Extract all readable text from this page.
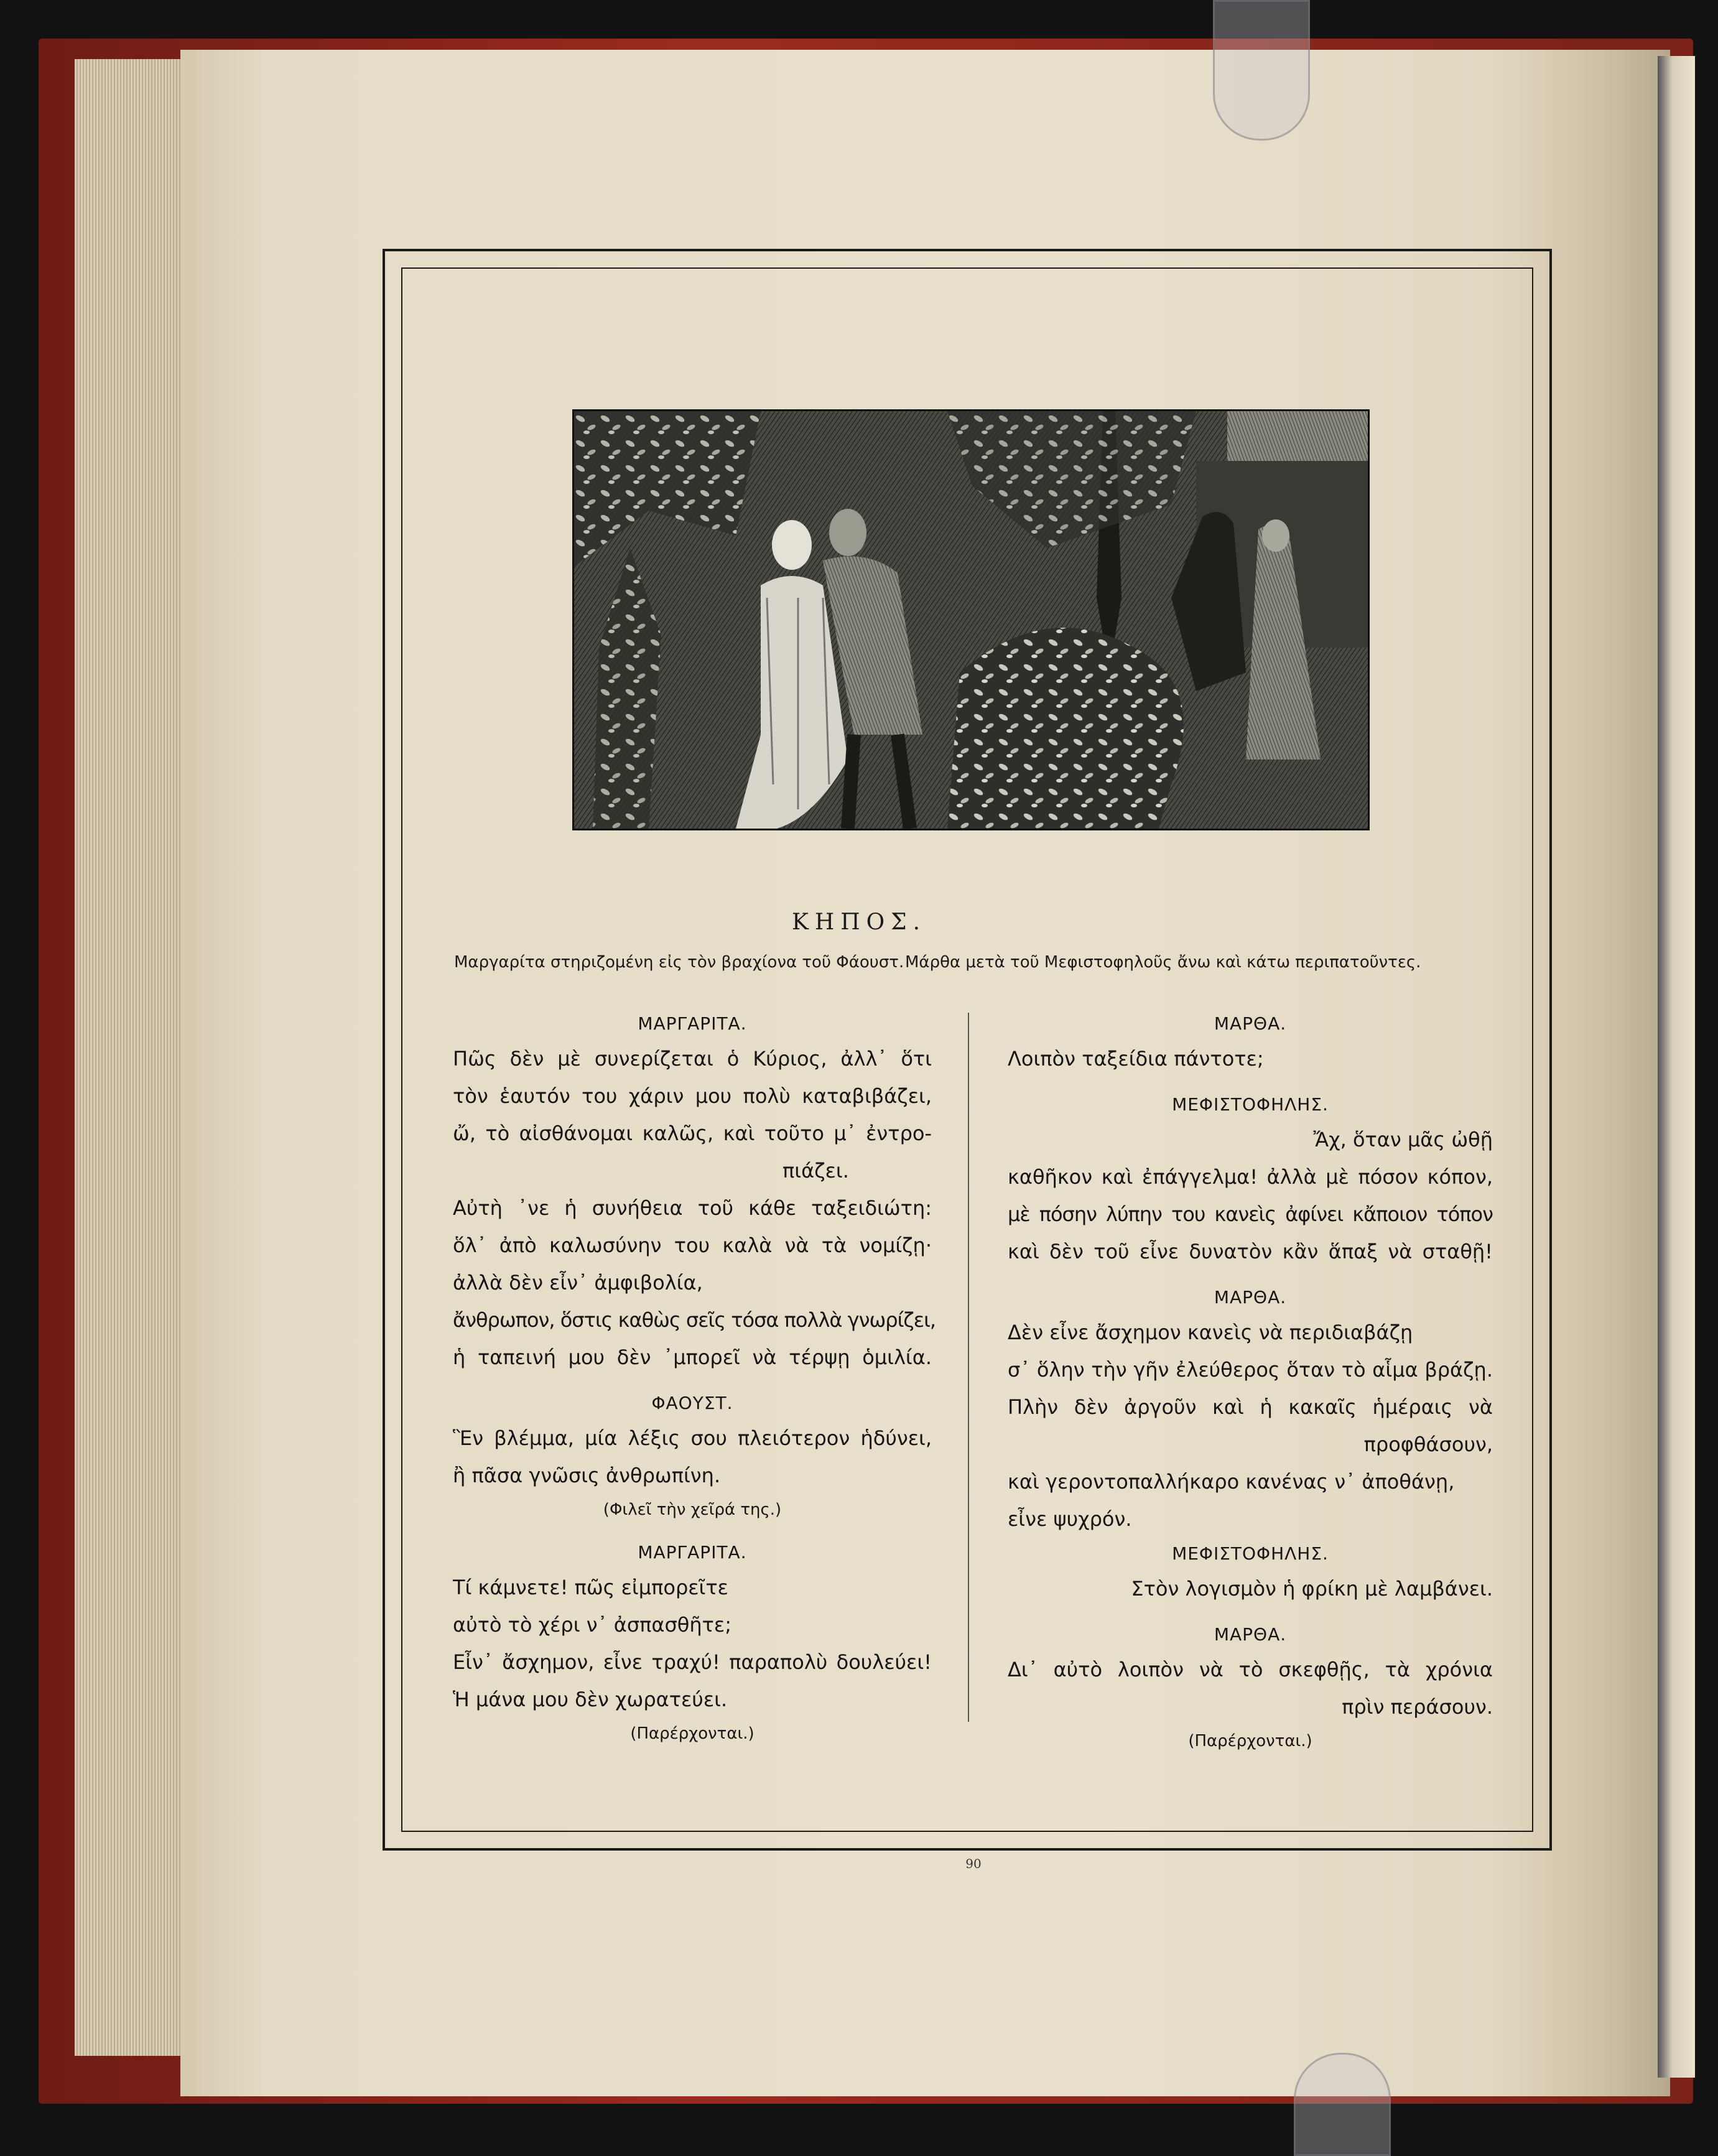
ΚΗΠΟΣ.
Μαργαρίτα στηριζομένη εἰς τὸν βραχίονα τοῦ Φάουστ. Μάρθα μετὰ τοῦ Μεφιστοφηλοῦς ἄνω καὶ κάτω περιπατοῦντες.
ΜΑΡΓΑΡΙΤΑ.
Πῶς δὲν μὲ συνερίζεται ὁ Κύριος, ἀλλ᾽ ὅτι
τὸν ἑαυτόν του χάριν μου πολὺ καταβιβάζει,
ὤ, τὸ αἰσθάνομαι καλῶς, καὶ τοῦτο μ᾽ ἐντρο-
πιάζει.
Αὐτὴ ᾽νε ἡ συνήθεια τοῦ κάθε ταξειδιώτη:
ὅλ᾽ ἀπὸ καλωσύνην του καλὰ νὰ τὰ νομίζῃ·
ἀλλὰ δὲν εἶν᾽ ἀμφιβολία,
ἄνθρωπον, ὅστις καθὼς σεῖς τόσα πολλὰ γνωρίζει,
ἡ ταπεινή μου δὲν ᾽μπορεῖ νὰ τέρψῃ ὁμιλία.
ΦΑΟΥΣΤ.
Ἓν βλέμμα, μία λέξις σου πλειότερον ἡδύνει,
ἢ πᾶσα γνῶσις ἀνθρωπίνη.
(Φιλεῖ τὴν χεῖρά της.)
ΜΑΡΓΑΡΙΤΑ.
Τί κάμνετε! πῶς εἰμπορεῖτε
αὐτὸ τὸ χέρι ν᾽ ἀσπασθῆτε;
Εἶν᾽ ἄσχημον, εἶνε τραχύ! παραπολὺ δουλεύει!
Ἡ μάνα μου δὲν χωρατεύει.
(Παρέρχονται.)
ΜΑΡΘΑ.
Λοιπὸν ταξείδια πάντοτε;
ΜΕΦΙΣΤΟΦΗΛΗΣ.
Ἄχ, ὅταν μᾶς ὠθῇ
καθῆκον καὶ ἐπάγγελμα! ἀλλὰ μὲ πόσον κόπον,
μὲ πόσην λύπην του κανεὶς ἀφίνει κἄποιον τόπον
καὶ δὲν τοῦ εἶνε δυνατὸν κἂν ἅπαξ νὰ σταθῇ!
ΜΑΡΘΑ.
Δὲν εἶνε ἄσχημον κανεὶς νὰ περιδιαβάζῃ
σ᾽ ὅλην τὴν γῆν ἐλεύθερος ὅταν τὸ αἷμα βράζῃ.
Πλὴν δὲν ἀργοῦν καὶ ἡ κακαῖς ἡμέραις νὰ
προφθάσουν,
καὶ γεροντοπαλλήκαρο κανένας ν᾽ ἀποθάνῃ,
εἶνε ψυχρόν.
ΜΕΦΙΣΤΟΦΗΛΗΣ.
Στὸν λογισμὸν ἡ φρίκη μὲ λαμβάνει.
ΜΑΡΘΑ.
Δι᾽ αὐτὸ λοιπὸν νὰ τὸ σκεφθῇς, τὰ χρόνια
πρὶν περάσουν.
(Παρέρχονται.)
90
